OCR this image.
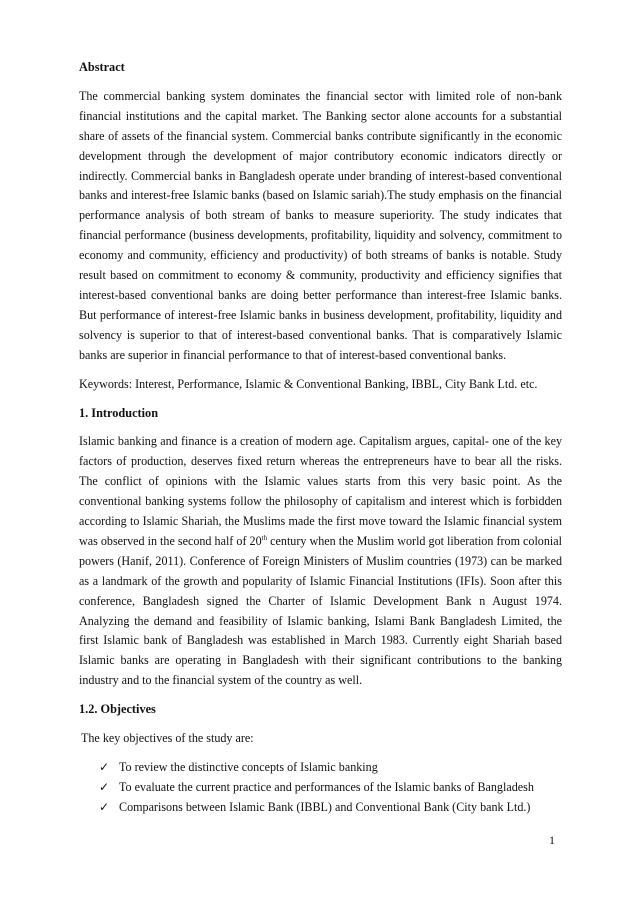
Abstract

The commercial banking system dominates the financial sector with limited role of non-bank financial institutions and the capital market. The Banking sector alone accounts for a substantial share of assets of the financial system. Commercial banks contribute significantly in the economic development through the development of major contributory economic indicators directly or indirectly. Commercial banks in Bangladesh operate under branding of interest-based conventional banks and interest-free Islamic banks (based on Islamic sariah).The study emphasis on the financial performance analysis of both stream of banks to measure superiority. The study indicates that financial performance (business developments, profitability, liquidity and solvency, commitment to economy and community, efficiency and productivity) of both streams of banks is notable. Study result based on commitment to economy & community, productivity and efficiency signifies that interest-based conventional banks are doing better performance than interest-free Islamic banks. But performance of interest-free Islamic banks in business development, profitability, liquidity and solvency is superior to that of interest-based conventional banks. That is comparatively Islamic banks are superior in financial performance to that of interest-based conventional banks.

Keywords: Interest, Performance, Islamic & Conventional Banking, IBBL, City Bank Ltd. etc.

1. Introduction

Islamic banking and finance is a creation of modern age. Capitalism argues, capital- one of the key factors of production, deserves fixed return whereas the entrepreneurs have to bear all the risks. The conflict of opinions with the Islamic values starts from this very basic point. As the conventional banking systems follow the philosophy of capitalism and interest which is forbidden according to Islamic Shariah, the Muslims made the first move toward the Islamic financial system was observed in the second half of 20th century when the Muslim world got liberation from colonial powers (Hanif, 2011). Conference of Foreign Ministers of Muslim countries (1973) can be marked as a landmark of the growth and popularity of Islamic Financial Institutions (IFIs). Soon after this conference, Bangladesh signed the Charter of Islamic Development Bank n August 1974. Analyzing the demand and feasibility of Islamic banking, Islami Bank Bangladesh Limited, the first Islamic bank of Bangladesh was established in March 1983. Currently eight Shariah based Islamic banks are operating in Bangladesh with their significant contributions to the banking industry and to the financial system of the country as well.

1.2. Objectives

The key objectives of the study are:

✓ To review the distinctive concepts of Islamic banking
✓ To evaluate the current practice and performances of the Islamic banks of Bangladesh
✓ Comparisons between Islamic Bank (IBBL) and Conventional Bank (City bank Ltd.)
1
